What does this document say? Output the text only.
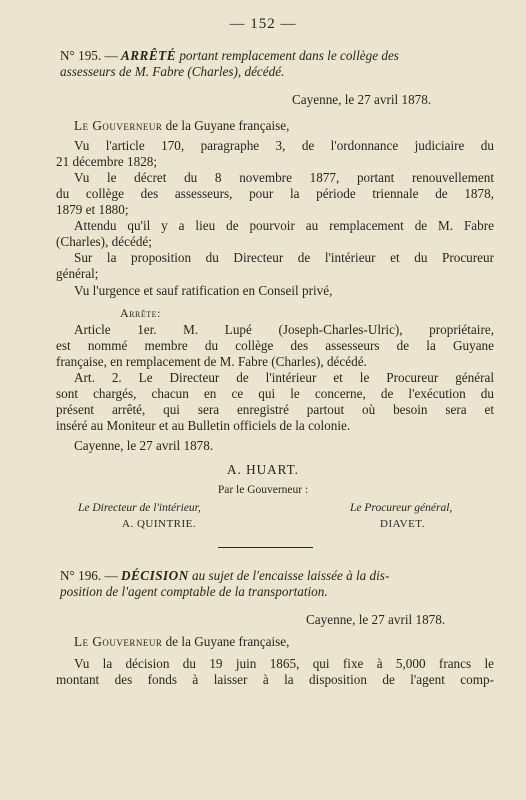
— 152 —
N° 195. — ARRÊTÉ portant remplacement dans le collège des
assesseurs de M. Fabre (Charles), décédé.
Cayenne, le 27 avril 1878.
Le Gouverneur de la Guyane française,
Vu l'article 170, paragraphe 3, de l'ordonnance judiciaire du
21 décembre 1828;
Vu le décret du 8 novembre 1877, portant renouvellement
du collège des assesseurs, pour la période triennale de 1878,
1879 et 1880;
Attendu qu'il y a lieu de pourvoir au remplacement de M. Fabre
(Charles), décédé;
Sur la proposition du Directeur de l'intérieur et du Procureur
général;
Vu l'urgence et sauf ratification en Conseil privé,
Arrête:
Article 1er. M. Lupé (Joseph-Charles-Ulric), propriétaire,
est nommé membre du collège des assesseurs de la Guyane
française, en remplacement de M. Fabre (Charles), décédé.
Art. 2. Le Directeur de l'intérieur et le Procureur général
sont chargés, chacun en ce qui le concerne, de l'exécution du
présent arrêté, qui sera enregistré partout où besoin sera et
inséré au Moniteur et au Bulletin officiels de la colonie.
Cayenne, le 27 avril 1878.
A. HUART.
Par le Gouverneur :
Le Directeur de l'intérieur,	Le Procureur général,
A. QUINTRIE.	DIAVET.
N° 196. — DÉCISION au sujet de l'encaisse laissée à la dis-
position de l'agent comptable de la transportation.
Cayenne, le 27 avril 1878.
Le Gouverneur de la Guyane française,
Vu la décision du 19 juin 1865, qui fixe à 5,000 francs le
montant des fonds à laisser à la disposition de l'agent comp-
